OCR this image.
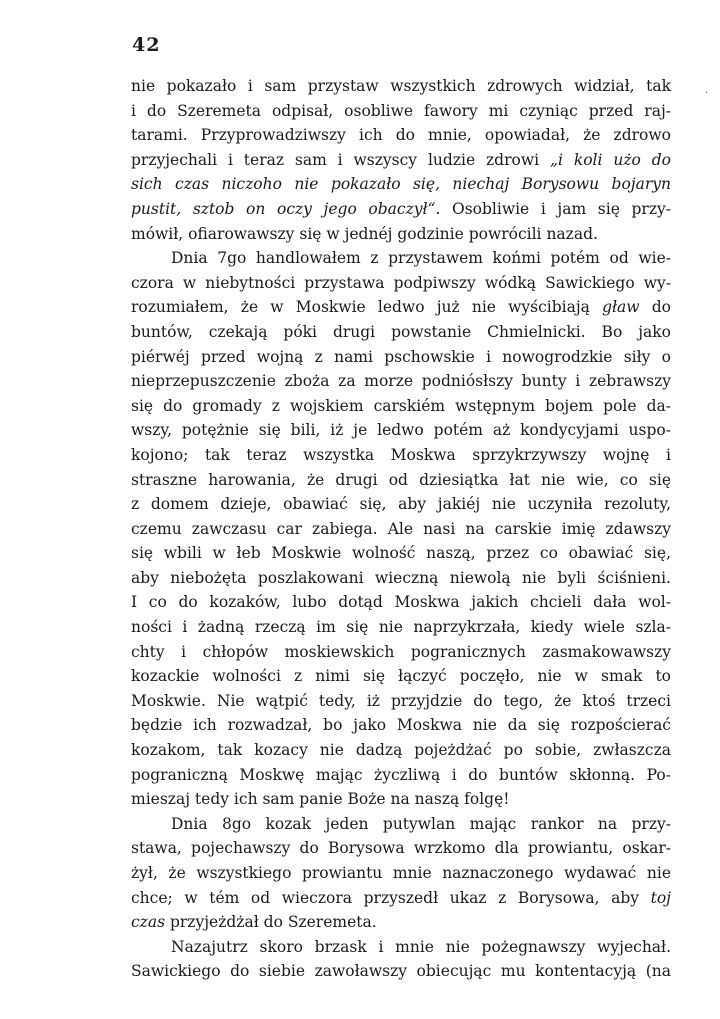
42
·
nie pokazało i sam przystaw wszystkich zdrowych widział, tak
i do Szeremeta odpisał, osobliwe fawory mi czyniąc przed raj-
tarami. Przyprowadziwszy ich do mnie, opowiadał, że zdrowo
przyjechali i teraz sam i wszyscy ludzie zdrowi „i koli użo do
sich czas niczoho nie pokazało się, niechaj Borysowu bojaryn
pustit, sztob on oczy jego obaczył“. Osobliwie i jam się przy-
mówił, ofiarowawszy się w jednéj godzinie powrócili nazad.
Dnia 7go handlowałem z przystawem końmi potém od wie-
czora w niebytności przystawa podpiwszy wódką Sawickiego wy-
rozumiałem, że w Moskwie ledwo już nie wyścibiają gław do
buntów, czekają póki drugi powstanie Chmielnicki. Bo jako
piérwéj przed wojną z nami pschowskie i nowogrodzkie siły o
nieprzepuszczenie zboża za morze podniósłszy bunty i zebrawszy
się do gromady z wojskiem carskiém wstępnym bojem pole da-
wszy, potężnie się bili, iż je ledwo potém aż kondycyjami uspo-
kojono; tak teraz wszystka Moskwa sprzykrzywszy wojnę i
straszne harowania, że drugi od dziesiątka łat nie wie, co się
z domem dzieje, obawiać się, aby jakiéj nie uczyniła rezoluty,
czemu zawczasu car zabiega. Ale nasi na carskie imię zdawszy
się wbili w łeb Moskwie wolność naszą, przez co obawiać się,
aby niebożęta poszlakowani wieczną niewolą nie byli ściśnieni.
I co do kozaków, lubo dotąd Moskwa jakich chcieli dała wol-
ności i żadną rzeczą im się nie naprzykrzała, kiedy wiele szla-
chty i chłopów moskiewskich pogranicznych zasmakowawszy
kozackie wolności z nimi się łączyć poczęło, nie w smak to
Moskwie. Nie wątpić tedy, iż przyjdzie do tego, że ktoś trzeci
będzie ich rozwadzał, bo jako Moskwa nie da się rozpościerać
kozakom, tak kozacy nie dadzą pojeżdżać po sobie, zwłaszcza
pograniczną Moskwę mając życzliwą i do buntów skłonną. Po-
mieszaj tedy ich sam panie Boże na naszą folgę!
Dnia 8go kozak jeden putywlan mając rankor na przy-
stawa, pojechawszy do Borysowa wrzkomo dla prowiantu, oskar-
żył, że wszystkiego prowiantu mnie naznaczonego wydawać nie
chce; w tém od wieczora przyszedł ukaz z Borysowa, aby toj
czas przyjeżdżał do Szeremeta.
Nazajutrz skoro brzask i mnie nie pożegnawszy wyjechał.
Sawickiego do siebie zawoławszy obiecując mu kontentacyją (na
